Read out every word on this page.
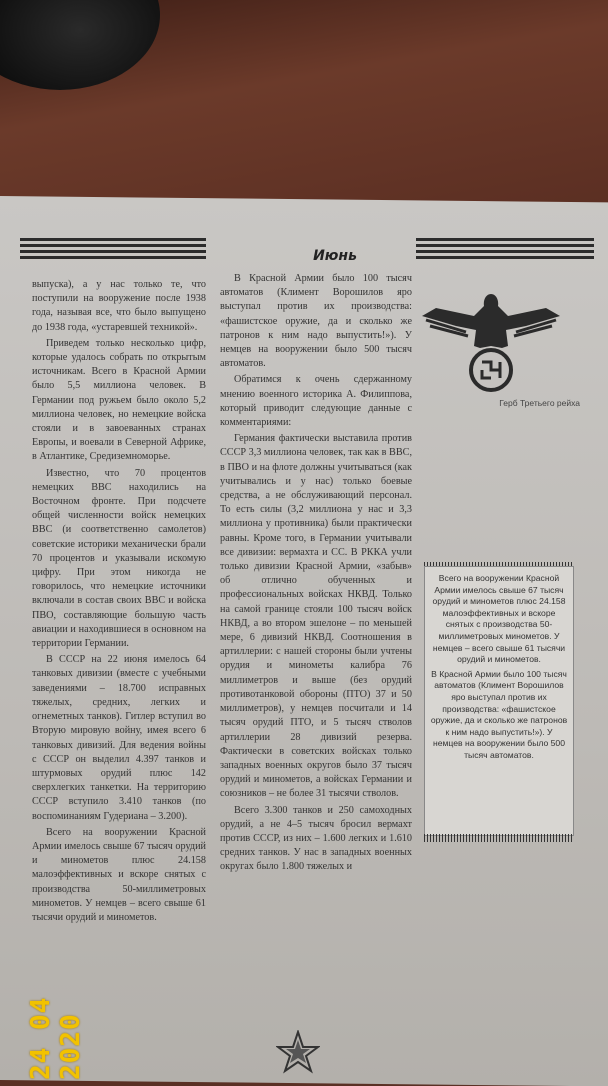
Июнь

выпуска), а у нас только те, что поступили на вооружение после 1938 года, называя все, что было выпущено до 1938 года, «устаревшей техникой».

Приведем только несколько цифр, которые удалось собрать по открытым источникам. Всего в Красной Армии было 5,5 миллиона человек. В Германии под ружьем было около 5,2 миллиона человек, но немецкие войска стояли и в завоеванных странах Европы, и воевали в Северной Африке, в Атлантике, Средиземноморье.

Известно, что 70 процентов немецких ВВС находились на Восточном фронте. При подсчете общей численности войск немецких ВВС (и соответственно самолетов) советские историки механически брали 70 процентов и указывали искомую цифру. При этом никогда не говорилось, что немецкие источники включали в состав своих ВВС и войска ПВО, составляющие большую часть авиации и находившиеся в основном на территории Германии.

В СССР на 22 июня имелось 64 танковых дивизии (вместе с учебными заведениями – 18.700 исправных тяжелых, средних, легких и огнеметных танков). Гитлер вступил во Вторую мировую войну, имея всего 6 танковых дивизий. Для ведения войны с СССР он выделил 4.397 танков и штурмовых орудий плюс 142 сверхлегких танкетки. На территорию СССР вступило 3.410 танков (по воспоминаниям Гудериана – 3.200).

Всего на вооружении Красной Армии имелось свыше 67 тысяч орудий и минометов плюс 24.158 малоэффективных и вскоре снятых с производства 50-миллиметровых минометов. У немцев – всего свыше 61 тысячи орудий и минометов.

В Красной Армии было 100 тысяч автоматов (Климент Ворошилов яро выступал против их производства: «фашистское оружие, да и сколько же патронов к ним надо выпустить!»). У немцев на вооружении было 500 тысяч автоматов.

Обратимся к очень сдержанному мнению военного историка А. Филиппова, который приводит следующие данные с комментариями:

Германия фактически выставила против СССР 3,3 миллиона человек, так как в ВВС, в ПВО и на флоте должны учитываться (как учитывались и у нас) только боевые средства, а не обслуживающий персонал. То есть силы (3,2 миллиона у нас и 3,3 миллиона у противника) были практически равны. Кроме того, в Германии учитывали все дивизии: вермахта и СС. В РККА учли только дивизии Красной Армии, «забыв» об отлично обученных и профессиональных войсках НКВД. Только на самой границе стояли 100 тысяч войск НКВД, а во втором эшелоне – по меньшей мере, 6 дивизий НКВД. Соотношения в артиллерии: с нашей стороны были учтены орудия и минометы калибра 76 миллиметров и выше (без орудий противотанковой обороны (ПТО) 37 и 50 миллиметров), у немцев посчитали и 14 тысяч орудий ПТО, и 5 тысяч стволов артиллерии 28 дивизий резерва. Фактически в советских войсках только западных военных округов было 37 тысяч орудий и минометов, а войсках Германии и союзников – не более 31 тысячи стволов.

Всего 3.300 танков и 250 самоходных орудий, а не 4–5 тысяч бросил вермахт против СССР, из них – 1.600 легких и 1.610 средних танков. У нас в западных военных округах было 1.800 тяжелых и

Герб Третьего рейха

Всего на вооружении Красной Армии имелось свыше 67 тысяч орудий и минометов плюс 24.158 малоэффективных и вскоре снятых с производства 50-миллиметровых минометов. У немцев – всего свыше 61 тысячи орудий и минометов.

В Красной Армии было 100 тысяч автоматов (Климент Ворошилов яро выступал против их производства: «фашистское оружие, да и сколько же патронов к ним надо выпустить!»). У немцев на вооружении было 500 тысяч автоматов.

24 04 2020
